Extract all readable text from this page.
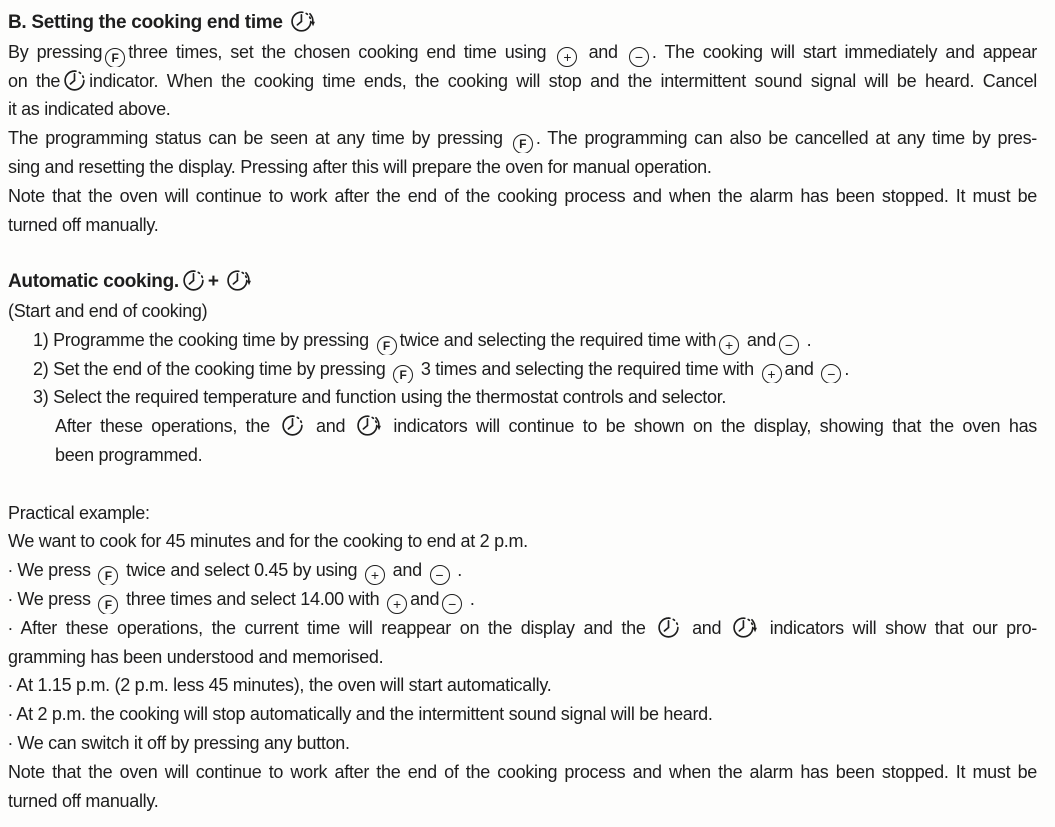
B. Setting the cooking end time
By pressing F three times, set the chosen cooking end time using + and − . The cooking will start immediately and appear
on the indicator. When the cooking time ends, the cooking will stop and the intermittent sound signal will be heard. Cancel
it as indicated above.
The programming status can be seen at any time by pressing F . The programming can also be cancelled at any time by pres-
sing and resetting the display. Pressing after this will prepare the oven for manual operation.
Note that the oven will continue to work after the end of the cooking process and when the alarm has been stopped. It must be
turned off manually.
Automatic cooking. +
(Start and end of cooking)
1) Programme the cooking time by pressing F twice and selecting the required time with + and − .
2) Set the end of the cooking time by pressing F 3 times and selecting the required time with + and − .
3) Select the required temperature and function using the thermostat controls and selector.
After these operations, the  and  indicators will continue to be shown on the display, showing that the oven has
been programmed.
Practical example:
We want to cook for 45 minutes and for the cooking to end at 2 p.m.
∙ We press F twice and select 0.45 by using + and − .
∙ We press F three times and select 14.00 with + and − .
∙ After these operations, the current time will reappear on the display and the  and  indicators will show that our pro-
gramming has been understood and memorised.
∙ At 1.15 p.m. (2 p.m. less 45 minutes), the oven will start automatically.
∙ At 2 p.m. the cooking will stop automatically and the intermittent sound signal will be heard.
∙ We can switch it off by pressing any button.
Note that the oven will continue to work after the end of the cooking process and when the alarm has been stopped. It must be
turned off manually.
